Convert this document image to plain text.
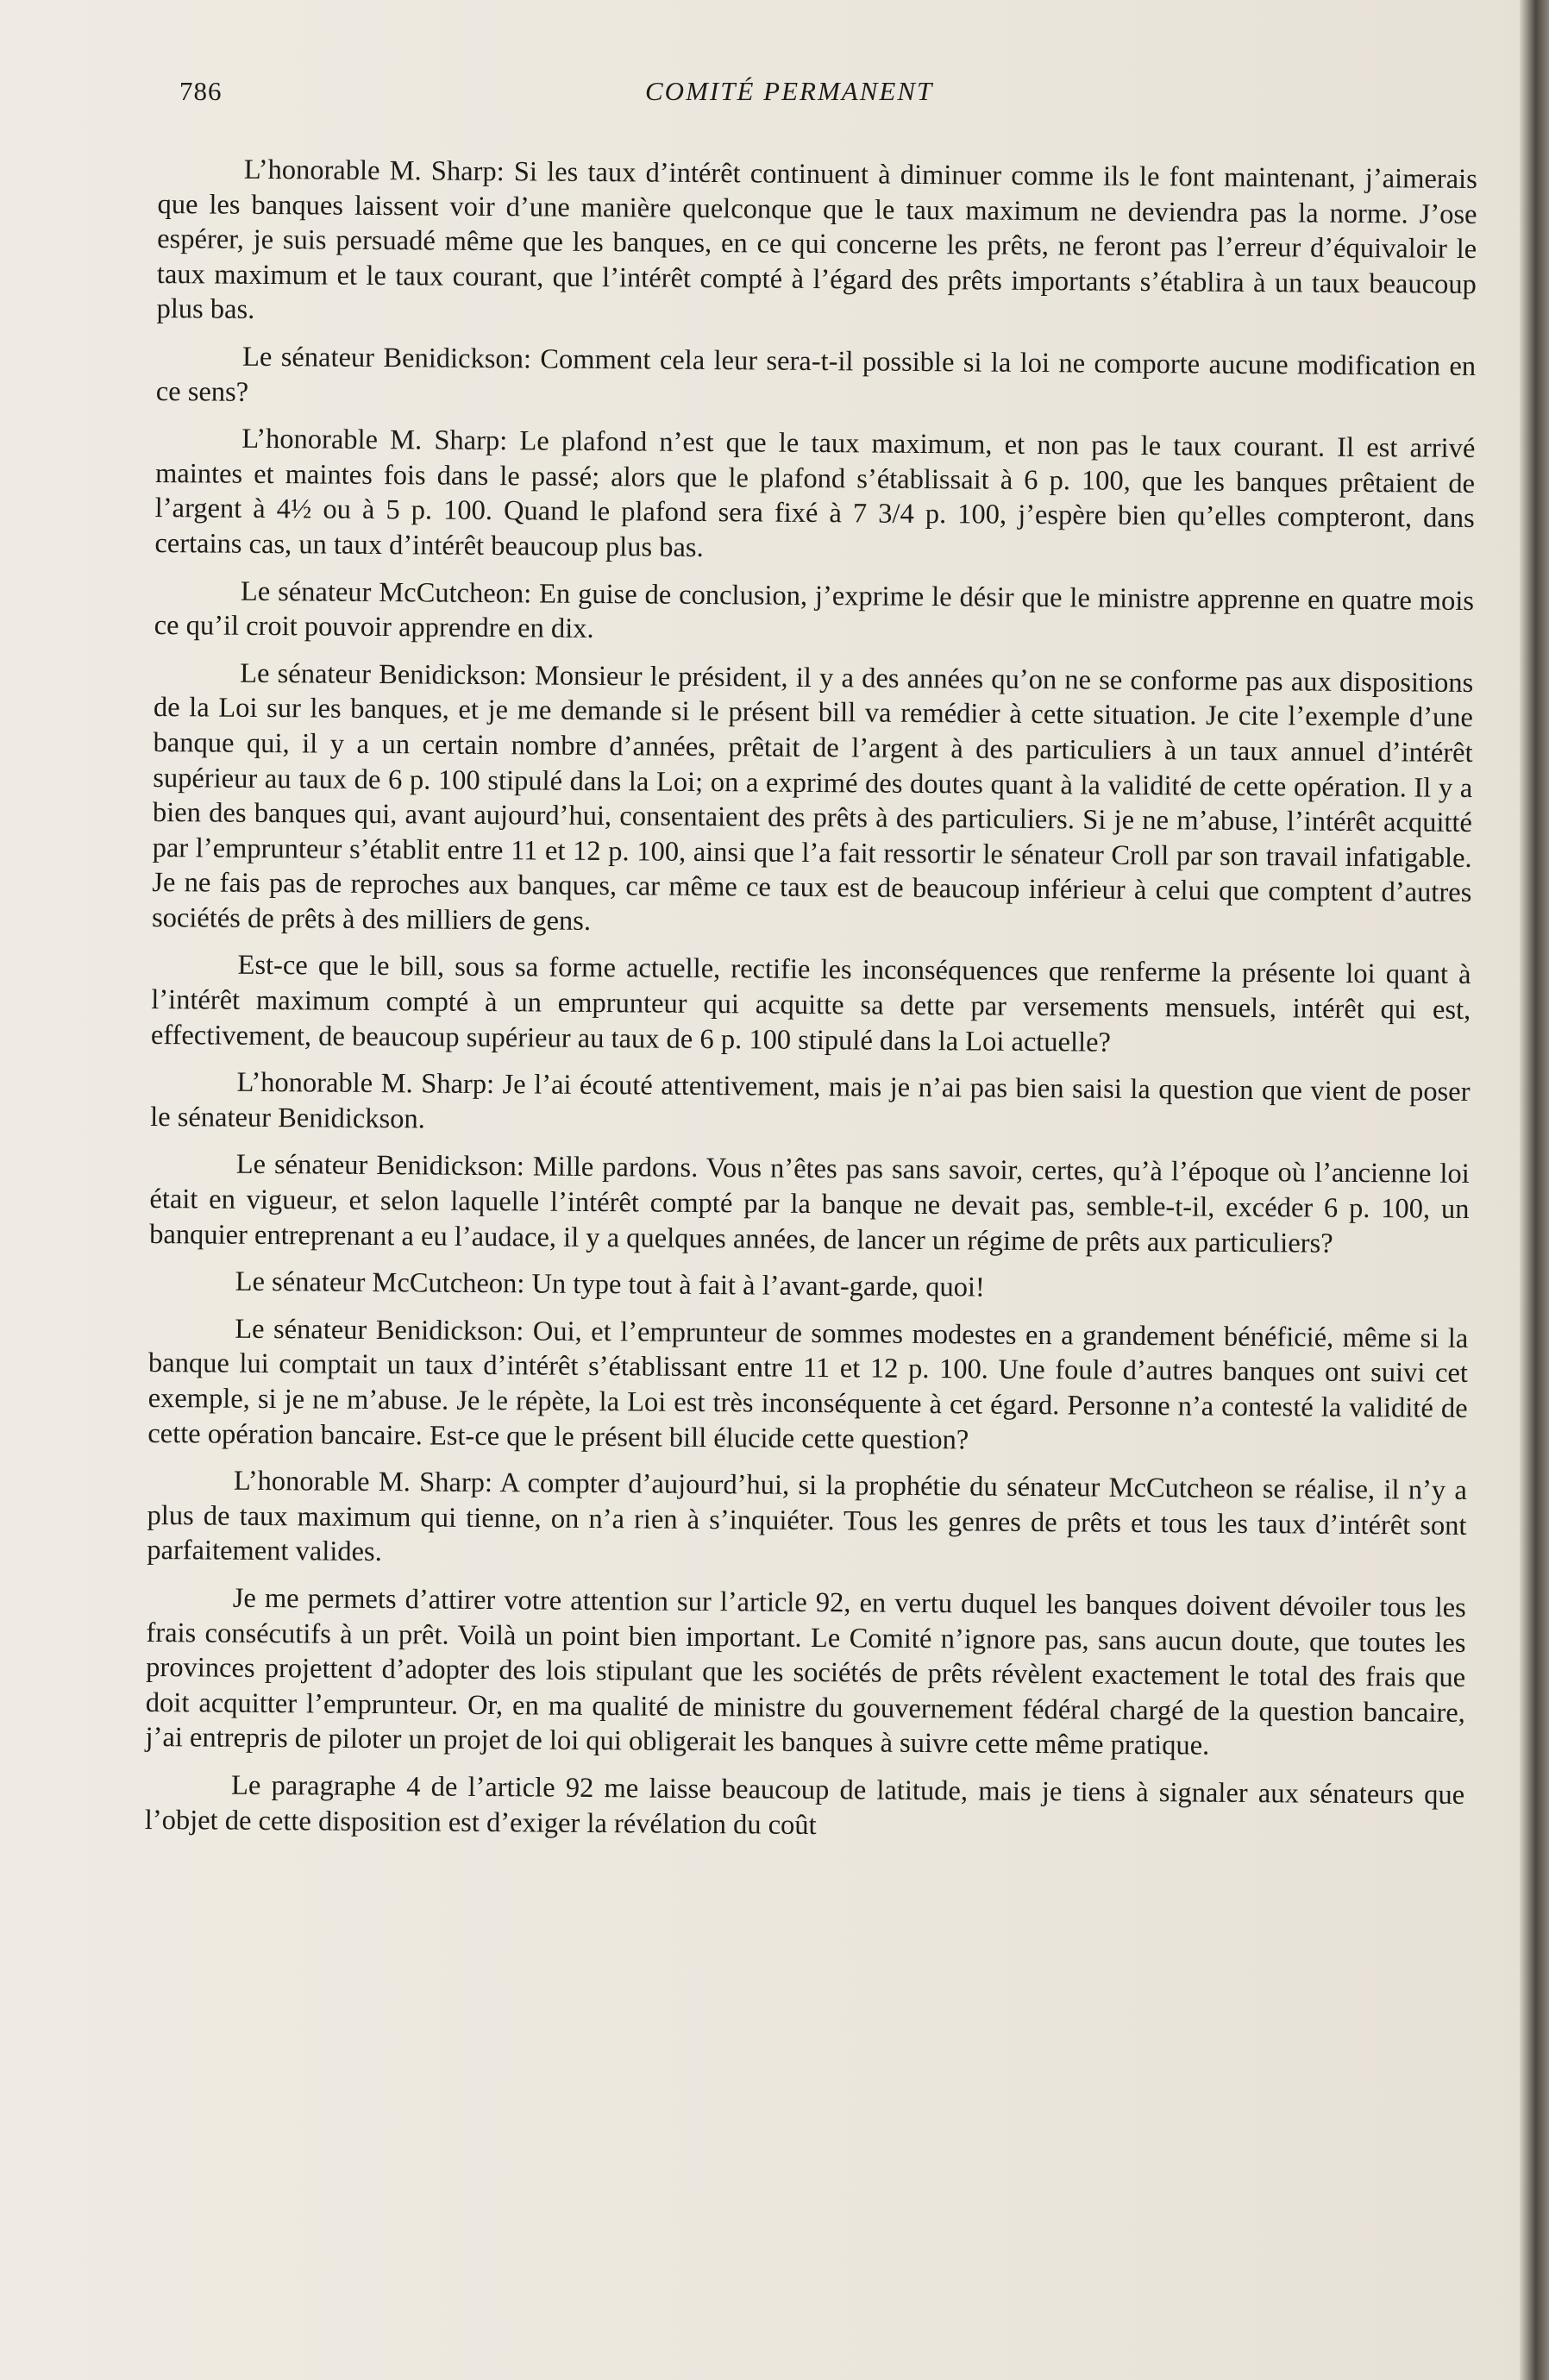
786	COMITÉ PERMANENT

L’honorable M. Sharp: Si les taux d’intérêt continuent à diminuer comme ils le font maintenant, j’aimerais que les banques laissent voir d’une manière quelconque que le taux maximum ne deviendra pas la norme. J’ose espérer, je suis persuadé même que les banques, en ce qui concerne les prêts, ne feront pas l’erreur d’équivaloir le taux maximum et le taux courant, que l’intérêt compté à l’égard des prêts importants s’établira à un taux beaucoup plus bas.

Le sénateur Benidickson: Comment cela leur sera-t-il possible si la loi ne comporte aucune modification en ce sens?

L’honorable M. Sharp: Le plafond n’est que le taux maximum, et non pas le taux courant. Il est arrivé maintes et maintes fois dans le passé; alors que le plafond s’établissait à 6 p. 100, que les banques prêtaient de l’argent à 4½ ou à 5 p. 100. Quand le plafond sera fixé à 7 3/4 p. 100, j’espère bien qu’elles compteront, dans certains cas, un taux d’intérêt beaucoup plus bas.

Le sénateur McCutcheon: En guise de conclusion, j’exprime le désir que le ministre apprenne en quatre mois ce qu’il croit pouvoir apprendre en dix.

Le sénateur Benidickson: Monsieur le président, il y a des années qu’on ne se conforme pas aux dispositions de la Loi sur les banques, et je me demande si le présent bill va remédier à cette situation. Je cite l’exemple d’une banque qui, il y a un certain nombre d’années, prêtait de l’argent à des particuliers à un taux annuel d’intérêt supérieur au taux de 6 p. 100 stipulé dans la Loi; on a exprimé des doutes quant à la validité de cette opération. Il y a bien des banques qui, avant aujourd’hui, consentaient des prêts à des particuliers. Si je ne m’abuse, l’intérêt acquitté par l’emprunteur s’établit entre 11 et 12 p. 100, ainsi que l’a fait ressortir le sénateur Croll par son travail infatigable. Je ne fais pas de reproches aux banques, car même ce taux est de beaucoup inférieur à celui que comptent d’autres sociétés de prêts à des milliers de gens.

Est-ce que le bill, sous sa forme actuelle, rectifie les inconséquences que renferme la présente loi quant à l’intérêt maximum compté à un emprunteur qui acquitte sa dette par versements mensuels, intérêt qui est, effectivement, de beaucoup supérieur au taux de 6 p. 100 stipulé dans la Loi actuelle?

L’honorable M. Sharp: Je l’ai écouté attentivement, mais je n’ai pas bien saisi la question que vient de poser le sénateur Benidickson.

Le sénateur Benidickson: Mille pardons. Vous n’êtes pas sans savoir, certes, qu’à l’époque où l’ancienne loi était en vigueur, et selon laquelle l’intérêt compté par la banque ne devait pas, semble-t-il, excéder 6 p. 100, un banquier entreprenant a eu l’audace, il y a quelques années, de lancer un régime de prêts aux particuliers?

Le sénateur McCutcheon: Un type tout à fait à l’avant-garde, quoi!

Le sénateur Benidickson: Oui, et l’emprunteur de sommes modestes en a grandement bénéficié, même si la banque lui comptait un taux d’intérêt s’établissant entre 11 et 12 p. 100. Une foule d’autres banques ont suivi cet exemple, si je ne m’abuse. Je le répète, la Loi est très inconséquente à cet égard. Personne n’a contesté la validité de cette opération bancaire. Est-ce que le présent bill élucide cette question?

L’honorable M. Sharp: A compter d’aujourd’hui, si la prophétie du sénateur McCutcheon se réalise, il n’y a plus de taux maximum qui tienne, on n’a rien à s’inquiéter. Tous les genres de prêts et tous les taux d’intérêt sont parfaitement valides.

Je me permets d’attirer votre attention sur l’article 92, en vertu duquel les banques doivent dévoiler tous les frais consécutifs à un prêt. Voilà un point bien important. Le Comité n’ignore pas, sans aucun doute, que toutes les provinces projettent d’adopter des lois stipulant que les sociétés de prêts révèlent exactement le total des frais que doit acquitter l’emprunteur. Or, en ma qualité de ministre du gouvernement fédéral chargé de la question bancaire, j’ai entrepris de piloter un projet de loi qui obligerait les banques à suivre cette même pratique.

Le paragraphe 4 de l’article 92 me laisse beaucoup de latitude, mais je tiens à signaler aux sénateurs que l’objet de cette disposition est d’exiger la révélation du coût
